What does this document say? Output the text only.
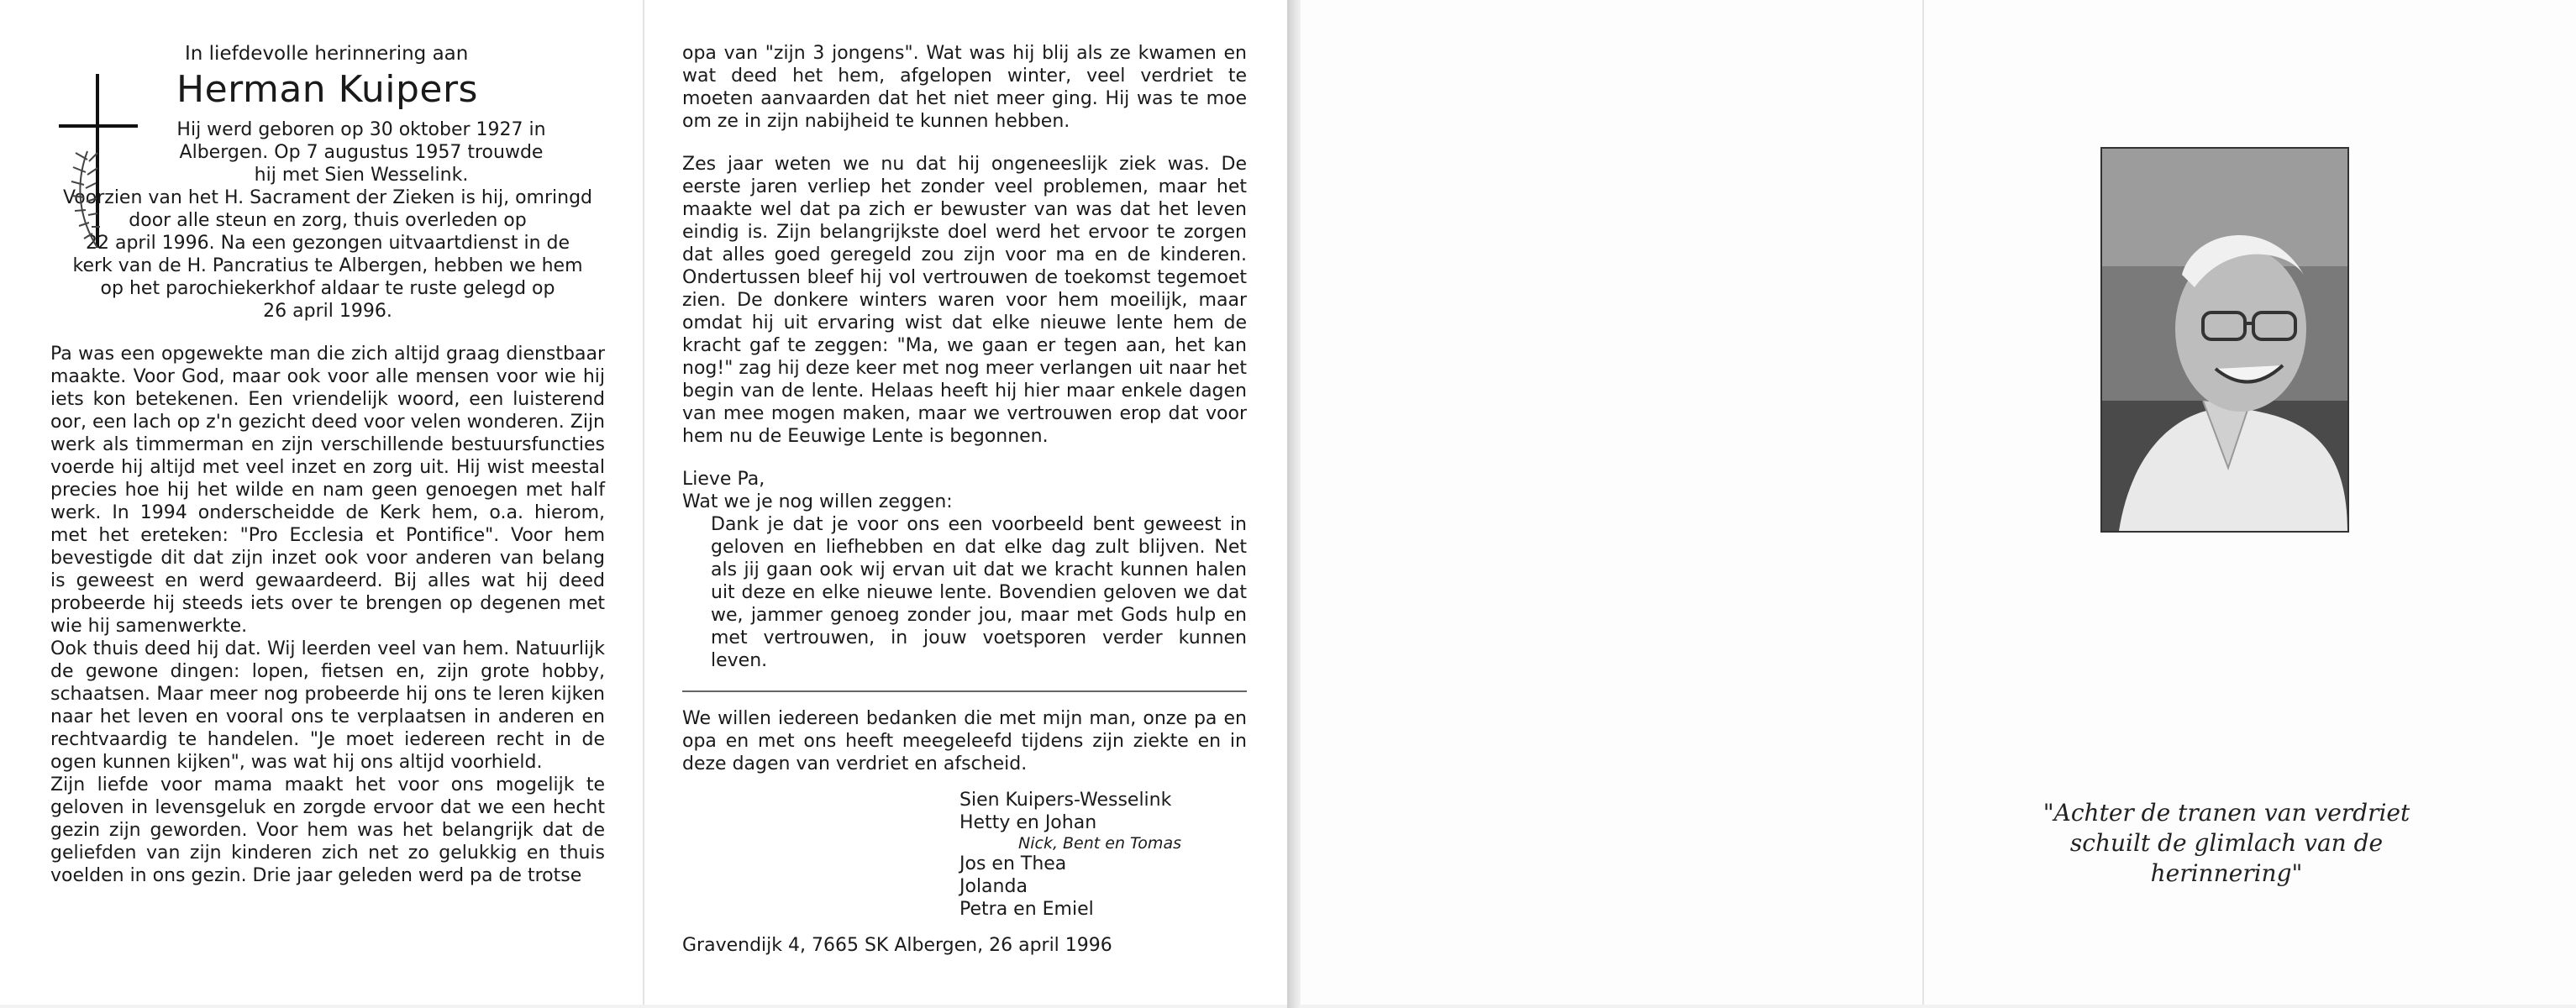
In liefdevolle herinnering aan

Herman Kuipers

Hij werd geboren op 30 oktober 1927 in

Albergen. Op 7 augustus 1957 trouwde

hij met Sien Wesselink.

Voorzien van het H. Sacrament der Zieken is hij, omringd

door alle steun en zorg, thuis overleden op

22 april 1996. Na een gezongen uitvaartdienst in de

kerk van de H. Pancratius te Albergen, hebben we hem

op het parochiekerkhof aldaar te ruste gelegd op

26 april 1996.

Pa was een opgewekte man die zich altijd graag dienstbaar maakte. Voor God, maar ook voor alle mensen voor wie hij iets kon betekenen. Een vriendelijk woord, een luisterend oor, een lach op z'n gezicht deed voor velen wonderen. Zijn werk als timmerman en zijn verschillende bestuursfuncties voerde hij altijd met veel inzet en zorg uit. Hij wist meestal precies hoe hij het wilde en nam geen genoegen met half werk. In 1994 onderscheidde de Kerk hem, o.a. hierom, met het ereteken: "Pro Ecclesia et Pontifice". Voor hem bevestigde dit dat zijn inzet ook voor anderen van belang is geweest en werd gewaardeerd. Bij alles wat hij deed probeerde hij steeds iets over te brengen op degenen met wie hij samenwerkte.

Ook thuis deed hij dat. Wij leerden veel van hem. Natuurlijk de gewone dingen: lopen, fietsen en, zijn grote hobby, schaatsen. Maar meer nog probeerde hij ons te leren kijken naar het leven en vooral ons te verplaatsen in anderen en rechtvaardig te handelen. "Je moet iedereen recht in de ogen kunnen kijken", was wat hij ons altijd voorhield.

Zijn liefde voor mama maakt het voor ons mogelijk te geloven in levensgeluk en zorgde ervoor dat we een hecht gezin zijn geworden. Voor hem was het belangrijk dat de geliefden van zijn kinderen zich net zo gelukkig en thuis voelden in ons gezin. Drie jaar geleden werd pa de trotse

opa van "zijn 3 jongens". Wat was hij blij als ze kwamen en wat deed het hem, afgelopen winter, veel verdriet te moeten aanvaarden dat het niet meer ging. Hij was te moe om ze in zijn nabijheid te kunnen hebben.

Zes jaar weten we nu dat hij ongeneeslijk ziek was. De eerste jaren verliep het zonder veel problemen, maar het maakte wel dat pa zich er bewuster van was dat het leven eindig is. Zijn belangrijkste doel werd het ervoor te zorgen dat alles goed geregeld zou zijn voor ma en de kinderen. Ondertussen bleef hij vol vertrouwen de toekomst tegemoet zien. De donkere winters waren voor hem moeilijk, maar omdat hij uit ervaring wist dat elke nieuwe lente hem de kracht gaf te zeggen: "Ma, we gaan er tegen aan, het kan nog!" zag hij deze keer met nog meer verlangen uit naar het begin van de lente. Helaas heeft hij hier maar enkele dagen van mee mogen maken, maar we vertrouwen erop dat voor hem nu de Eeuwige Lente is begonnen.

Lieve Pa,

Wat we je nog willen zeggen:

Dank je dat je voor ons een voorbeeld bent geweest in geloven en liefhebben en dat elke dag zult blijven. Net als jij gaan ook wij ervan uit dat we kracht kunnen halen uit deze en elke nieuwe lente. Bovendien geloven we dat we, jammer genoeg zonder jou, maar met Gods hulp en met vertrouwen, in jouw voetsporen verder kunnen leven.

We willen iedereen bedanken die met mijn man, onze pa en opa en met ons heeft meegeleefd tijdens zijn ziekte en in deze dagen van verdriet en afscheid.

Sien Kuipers-Wesselink

Hetty en Johan

Nick, Bent en Tomas

Jos en Thea

Jolanda

Petra en Emiel

Gravendijk 4, 7665 SK Albergen, 26 april 1996

"Achter de tranen van verdriet
schuilt de glimlach van de herinnering"
